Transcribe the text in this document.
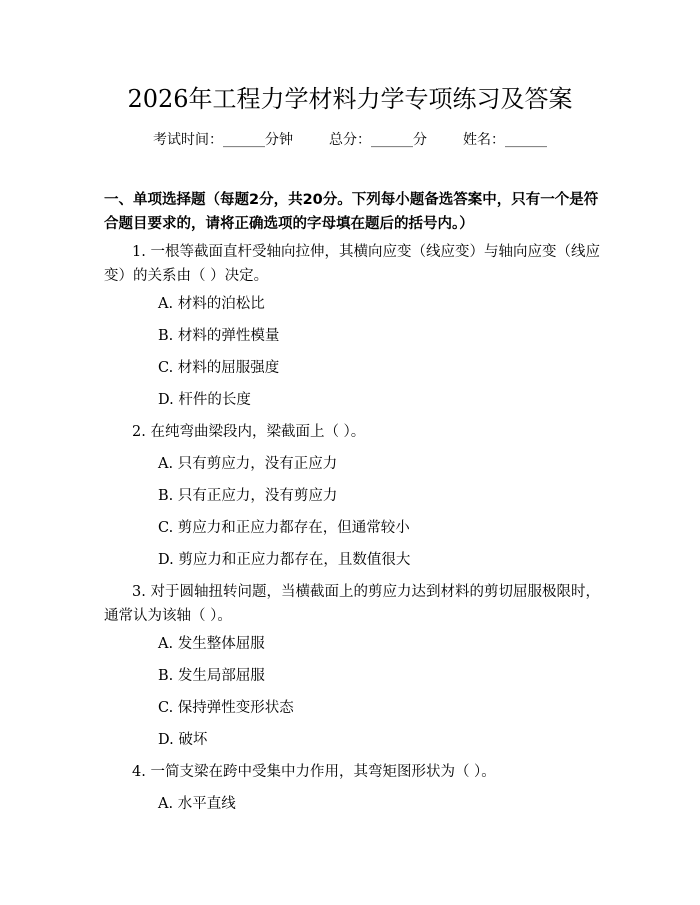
2026年工程力学材料力学专项练习及答案
考试时间：______分钟	总分：______分	姓名：______
一、单项选择题（每题2分，共20分。下列每小题备选答案中，只有一个是符合题目要求的，请将正确选项的字母填在题后的括号内。）
1. 一根等截面直杆受轴向拉伸，其横向应变（线应变）与轴向应变（线应变）的关系由（ ）决定。
A. 材料的泊松比
B. 材料的弹性模量
C. 材料的屈服强度
D. 杆件的长度
2. 在纯弯曲梁段内，梁截面上（ ）。
A. 只有剪应力，没有正应力
B. 只有正应力，没有剪应力
C. 剪应力和正应力都存在，但通常较小
D. 剪应力和正应力都存在，且数值很大
3. 对于圆轴扭转问题，当横截面上的剪应力达到材料的剪切屈服极限时，通常认为该轴（ ）。
A. 发生整体屈服
B. 发生局部屈服
C. 保持弹性变形状态
D. 破坏
4. 一简支梁在跨中受集中力作用，其弯矩图形状为（ ）。
A. 水平直线
